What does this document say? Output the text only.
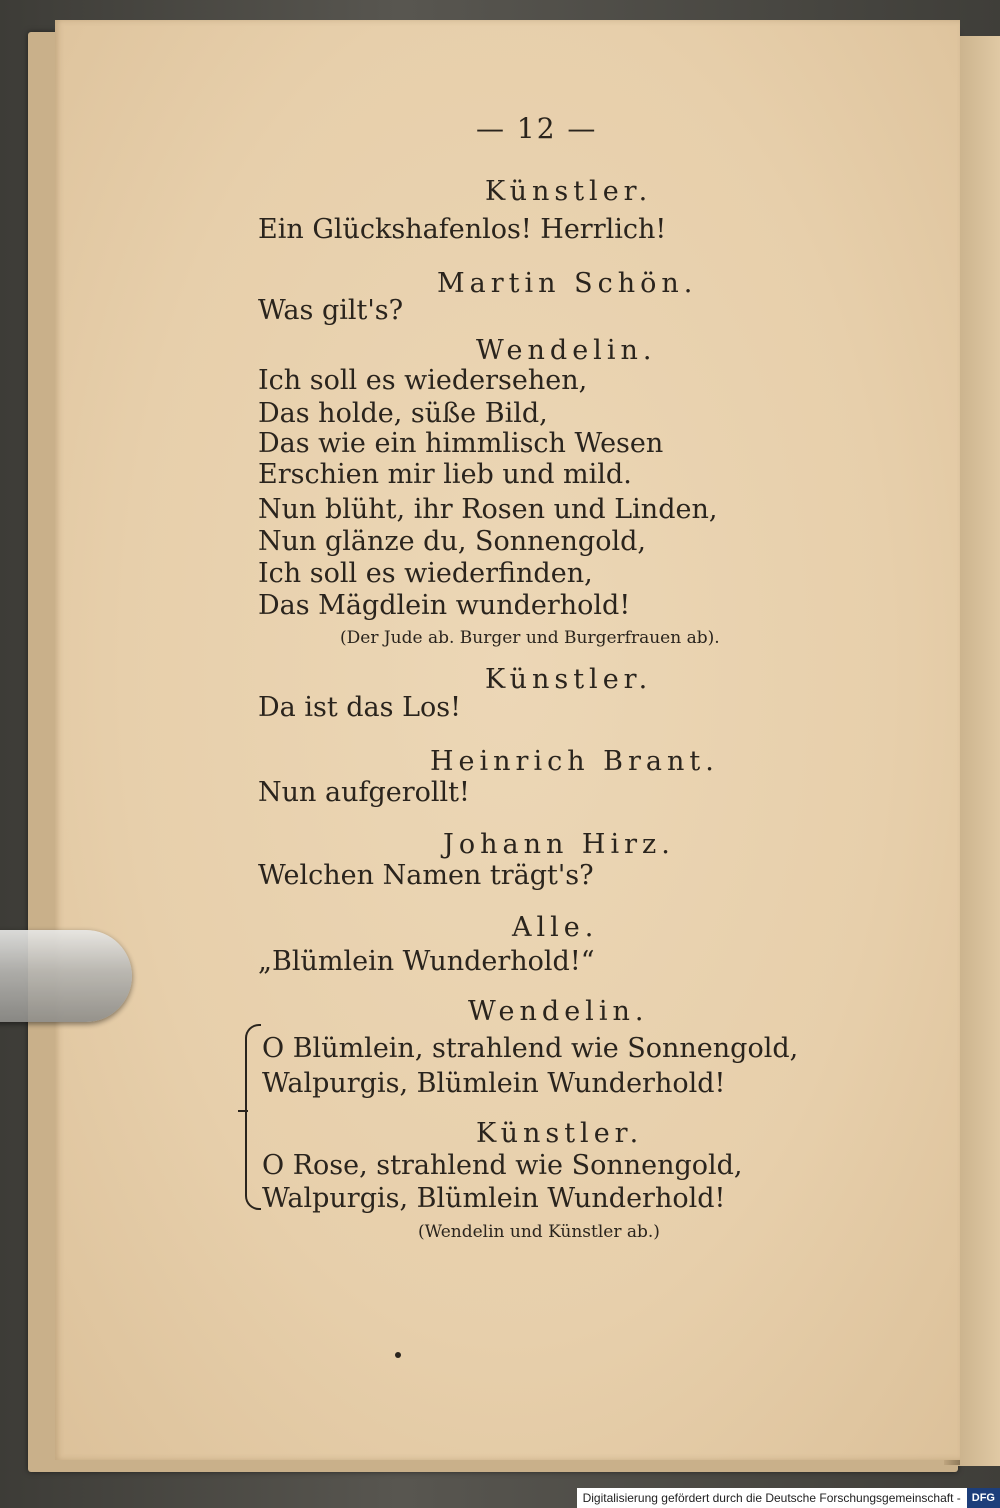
— 12 —
Künstler.
Ein Glückshafenlos! Herrlich!
Martin Schön.
Was gilt's?
Wendelin.
Ich soll es wiedersehen,
Das holde, süße Bild,
Das wie ein himmlisch Wesen
Erschien mir lieb und mild.
Nun blüht, ihr Rosen und Linden,
Nun glänze du, Sonnengold,
Ich soll es wiederfinden,
Das Mägdlein wunderhold!
(Der Jude ab. Burger und Burgerfrauen ab).
Künstler.
Da ist das Los!
Heinrich Brant.
Nun aufgerollt!
Johann Hirz.
Welchen Namen trägt's?
Alle.
„Blümlein Wunderhold!“
Wendelin.
O Blümlein, strahlend wie Sonnengold,
Walpurgis, Blümlein Wunderhold!
Künstler.
O Rose, strahlend wie Sonnengold,
Walpurgis, Blümlein Wunderhold!
(Wendelin und Künstler ab.)
Digitalisierung gefördert durch die Deutsche Forschungsgemeinschaft -	DFG
